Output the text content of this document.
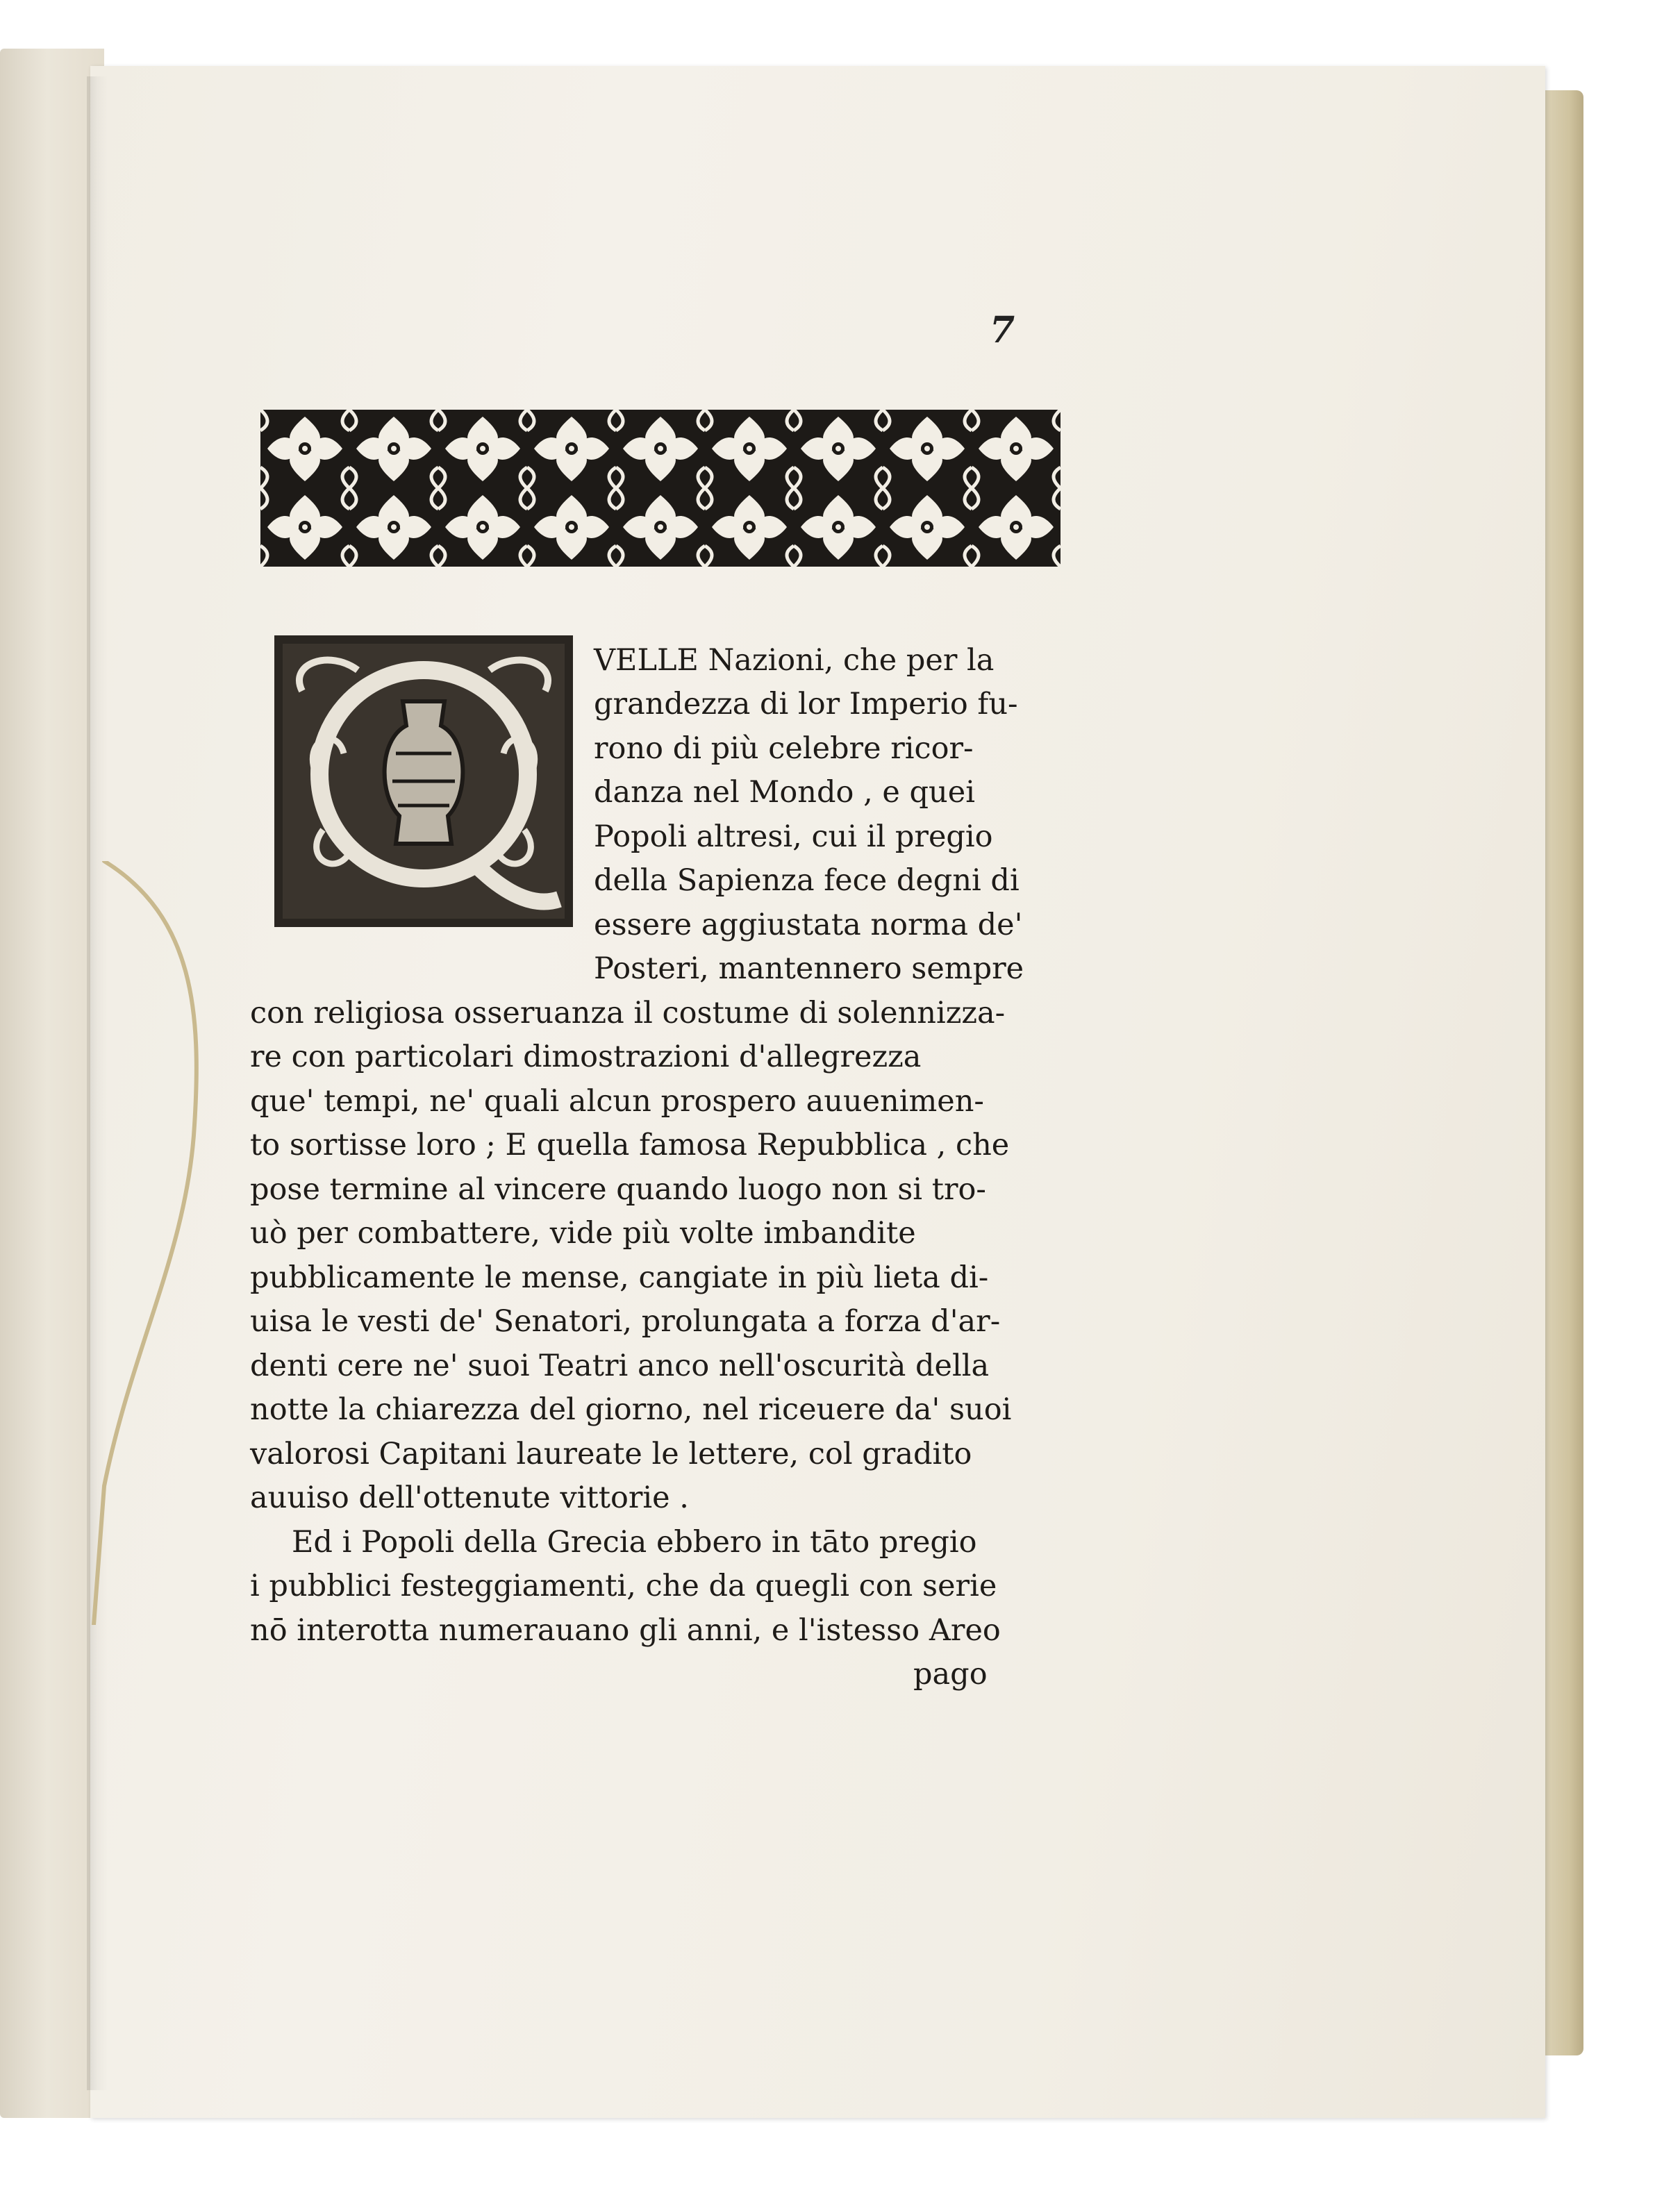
7
VELLE Nazioni, che per la
grandezza di lor Imperio fu-
rono di più celebre ricor-
danza nel Mondo , e quei
Popoli altresi, cui il pregio
della Sapienza fece degni di
essere aggiustata norma de'
Posteri, mantennero sempre
con religiosa osseruanza il costume di solennizza-
re con particolari dimostrazioni d'allegrezza
que' tempi, ne' quali alcun prospero auuenimen-
to sortisse loro ; E quella famosa Repubblica , che
pose termine al vincere quando luogo non si tro-
uò per combattere, vide più volte imbandite
pubblicamente le mense, cangiate in più lieta di-
uisa le vesti de' Senatori, prolungata a forza d'ar-
denti cere ne' suoi Teatri anco nell'oscurità della
notte la chiarezza del giorno, nel riceuere da' suoi
valorosi Capitani laureate le lettere, col gradito
auuiso dell'ottenute vittorie .
Ed i Popoli della Grecia ebbero in tāto pregio
i pubblici festeggiamenti, che da quegli con serie
nō interotta numerauano gli anni, e l'istesso Areo
pago
